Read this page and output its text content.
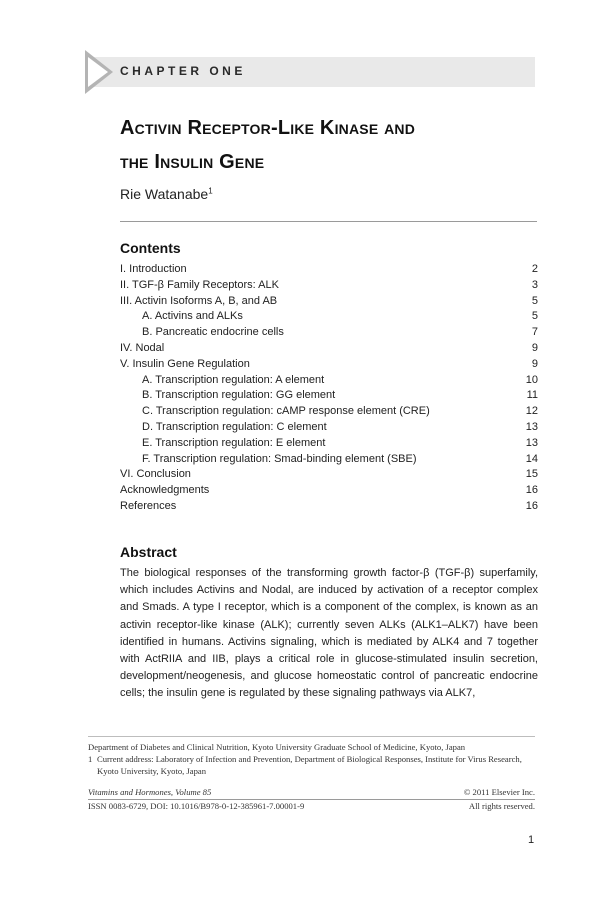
CHAPTER ONE
Activin Receptor-Like Kinase and
the Insulin Gene
Rie Watanabe$^1$
Contents
I. Introduction	2
II. TGF-β Family Receptors: ALK	3
III. Activin Isoforms A, B, and AB	5
A. Activins and ALKs	5
B. Pancreatic endocrine cells	7
IV. Nodal	9
V. Insulin Gene Regulation	9
A. Transcription regulation: A element	10
B. Transcription regulation: GG element	11
C. Transcription regulation: cAMP response element (CRE)	12
D. Transcription regulation: C element	13
E. Transcription regulation: E element	13
F. Transcription regulation: Smad-binding element (SBE)	14
VI. Conclusion	15
Acknowledgments	16
References	16
Abstract
The biological responses of the transforming growth factor-β (TGF-β) superfamily, which includes Activins and Nodal, are induced by activation of a receptor complex and Smads. A type I receptor, which is a component of the complex, is known as an activin receptor-like kinase (ALK); currently seven ALKs (ALK1–ALK7) have been identified in humans. Activins signaling, which is mediated by ALK4 and 7 together with ActRIIA and IIB, plays a critical role in glucose-stimulated insulin secretion, development/neogenesis, and glucose homeostatic control of pancreatic endocrine cells; the insulin gene is regulated by these signaling pathways via ALK7,
Department of Diabetes and Clinical Nutrition, Kyoto University Graduate School of Medicine, Kyoto, Japan
1 Current address: Laboratory of Infection and Prevention, Department of Biological Responses, Institute for Virus Research, Kyoto University, Kyoto, Japan
Vitamins and Hormones, Volume 85	© 2011 Elsevier Inc.
ISSN 0083-6729, DOI: 10.1016/B978-0-12-385961-7.00001-9	All rights reserved.
1
